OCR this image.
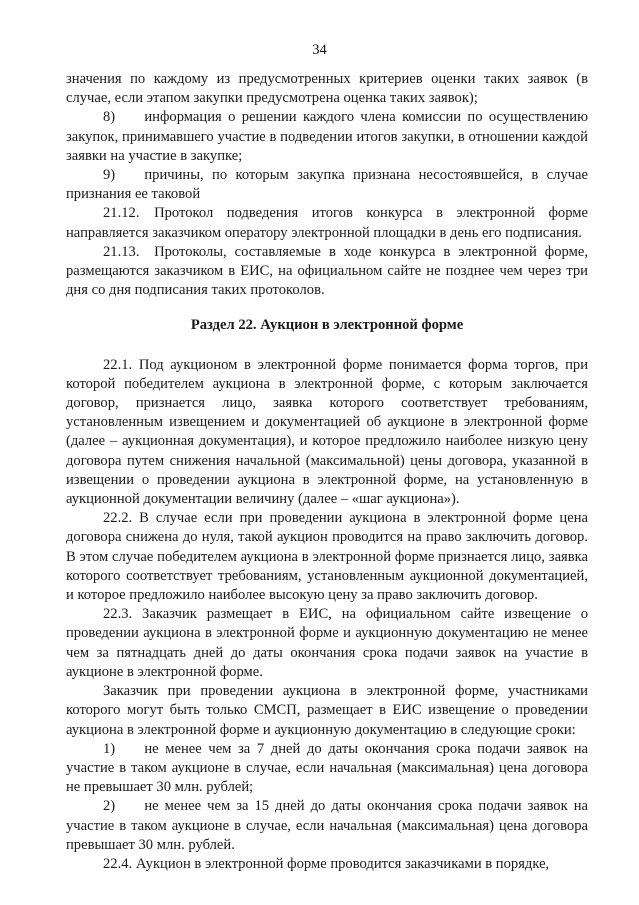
34

значения по каждому из предусмотренных критериев оценки таких заявок (в случае, если этапом закупки предусмотрена оценка таких заявок);

8)  информация о решении каждого члена комиссии по осуществлению закупок, принимавшего участие в подведении итогов закупки, в отношении каждой заявки на участие в закупке;

9)  причины, по которым закупка признана несостоявшейся, в случае признания ее таковой

21.12. Протокол подведения итогов конкурса в электронной форме направляется заказчиком оператору электронной площадки в день его подписания.

21.13. Протоколы, составляемые в ходе конкурса в электронной форме, размещаются заказчиком в ЕИС, на официальном сайте не позднее чем через три дня со дня подписания таких протоколов.

Раздел 22. Аукцион в электронной форме

22.1. Под аукционом в электронной форме понимается форма торгов, при которой победителем аукциона в электронной форме, с которым заключается договор, признается лицо, заявка которого соответствует требованиям, установленным извещением и документацией об аукционе в электронной форме (далее – аукционная документация), и которое предложило наиболее низкую цену договора путем снижения начальной (максимальной) цены договора, указанной в извещении о проведении аукциона в электронной форме, на установленную в аукционной документации величину (далее – «шаг аукциона»).

22.2. В случае если при проведении аукциона в электронной форме цена договора снижена до нуля, такой аукцион проводится на право заключить договор. В этом случае победителем аукциона в электронной форме признается лицо, заявка которого соответствует требованиям, установленным аукционной документацией, и которое предложило наиболее высокую цену за право заключить договор.

22.3. Заказчик размещает в ЕИС, на официальном сайте извещение о проведении аукциона в электронной форме и аукционную документацию не менее чем за пятнадцать дней до даты окончания срока подачи заявок на участие в аукционе в электронной форме.

Заказчик при проведении аукциона в электронной форме, участниками которого могут быть только СМСП, размещает в ЕИС извещение о проведении аукциона в электронной форме и аукционную документацию в следующие сроки:

1)  не менее чем за 7 дней до даты окончания срока подачи заявок на участие в таком аукционе в случае, если начальная (максимальная) цена договора не превышает 30 млн. рублей;

2)  не менее чем за 15 дней до даты окончания срока подачи заявок на участие в таком аукционе в случае, если начальная (максимальная) цена договора превышает 30 млн. рублей.

22.4. Аукцион в электронной форме проводится заказчиками в порядке,
